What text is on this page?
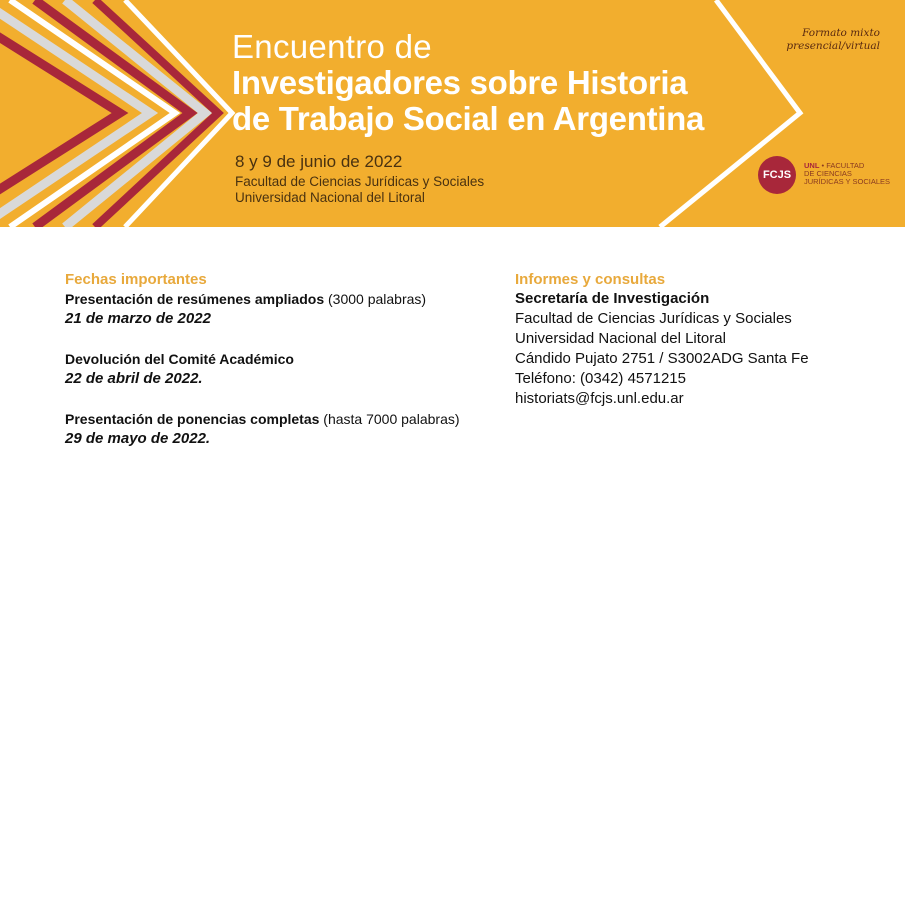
Encuentro de
Investigadores sobre Historia
de Trabajo Social en Argentina
8 y 9 de junio de 2022
Facultad de Ciencias Jurídicas y Sociales
Universidad Nacional del Litoral
Formato mixto
presencial/virtual
FCJS
UNL • FACULTAD
DE CIENCIAS
JURÍDICAS Y SOCIALES
Fechas importantes
Presentación de resúmenes ampliados (3000 palabras)
21 de marzo de 2022
Devolución del Comité Académico
22 de abril de 2022.
Presentación de ponencias completas (hasta 7000 palabras)
29 de mayo de 2022.
Informes y consultas
Secretaría de Investigación
Facultad de Ciencias Jurídicas y Sociales
Universidad Nacional del Litoral
Cándido Pujato 2751 / S3002ADG Santa Fe
Teléfono: (0342) 4571215
historiats@fcjs.unl.edu.ar
